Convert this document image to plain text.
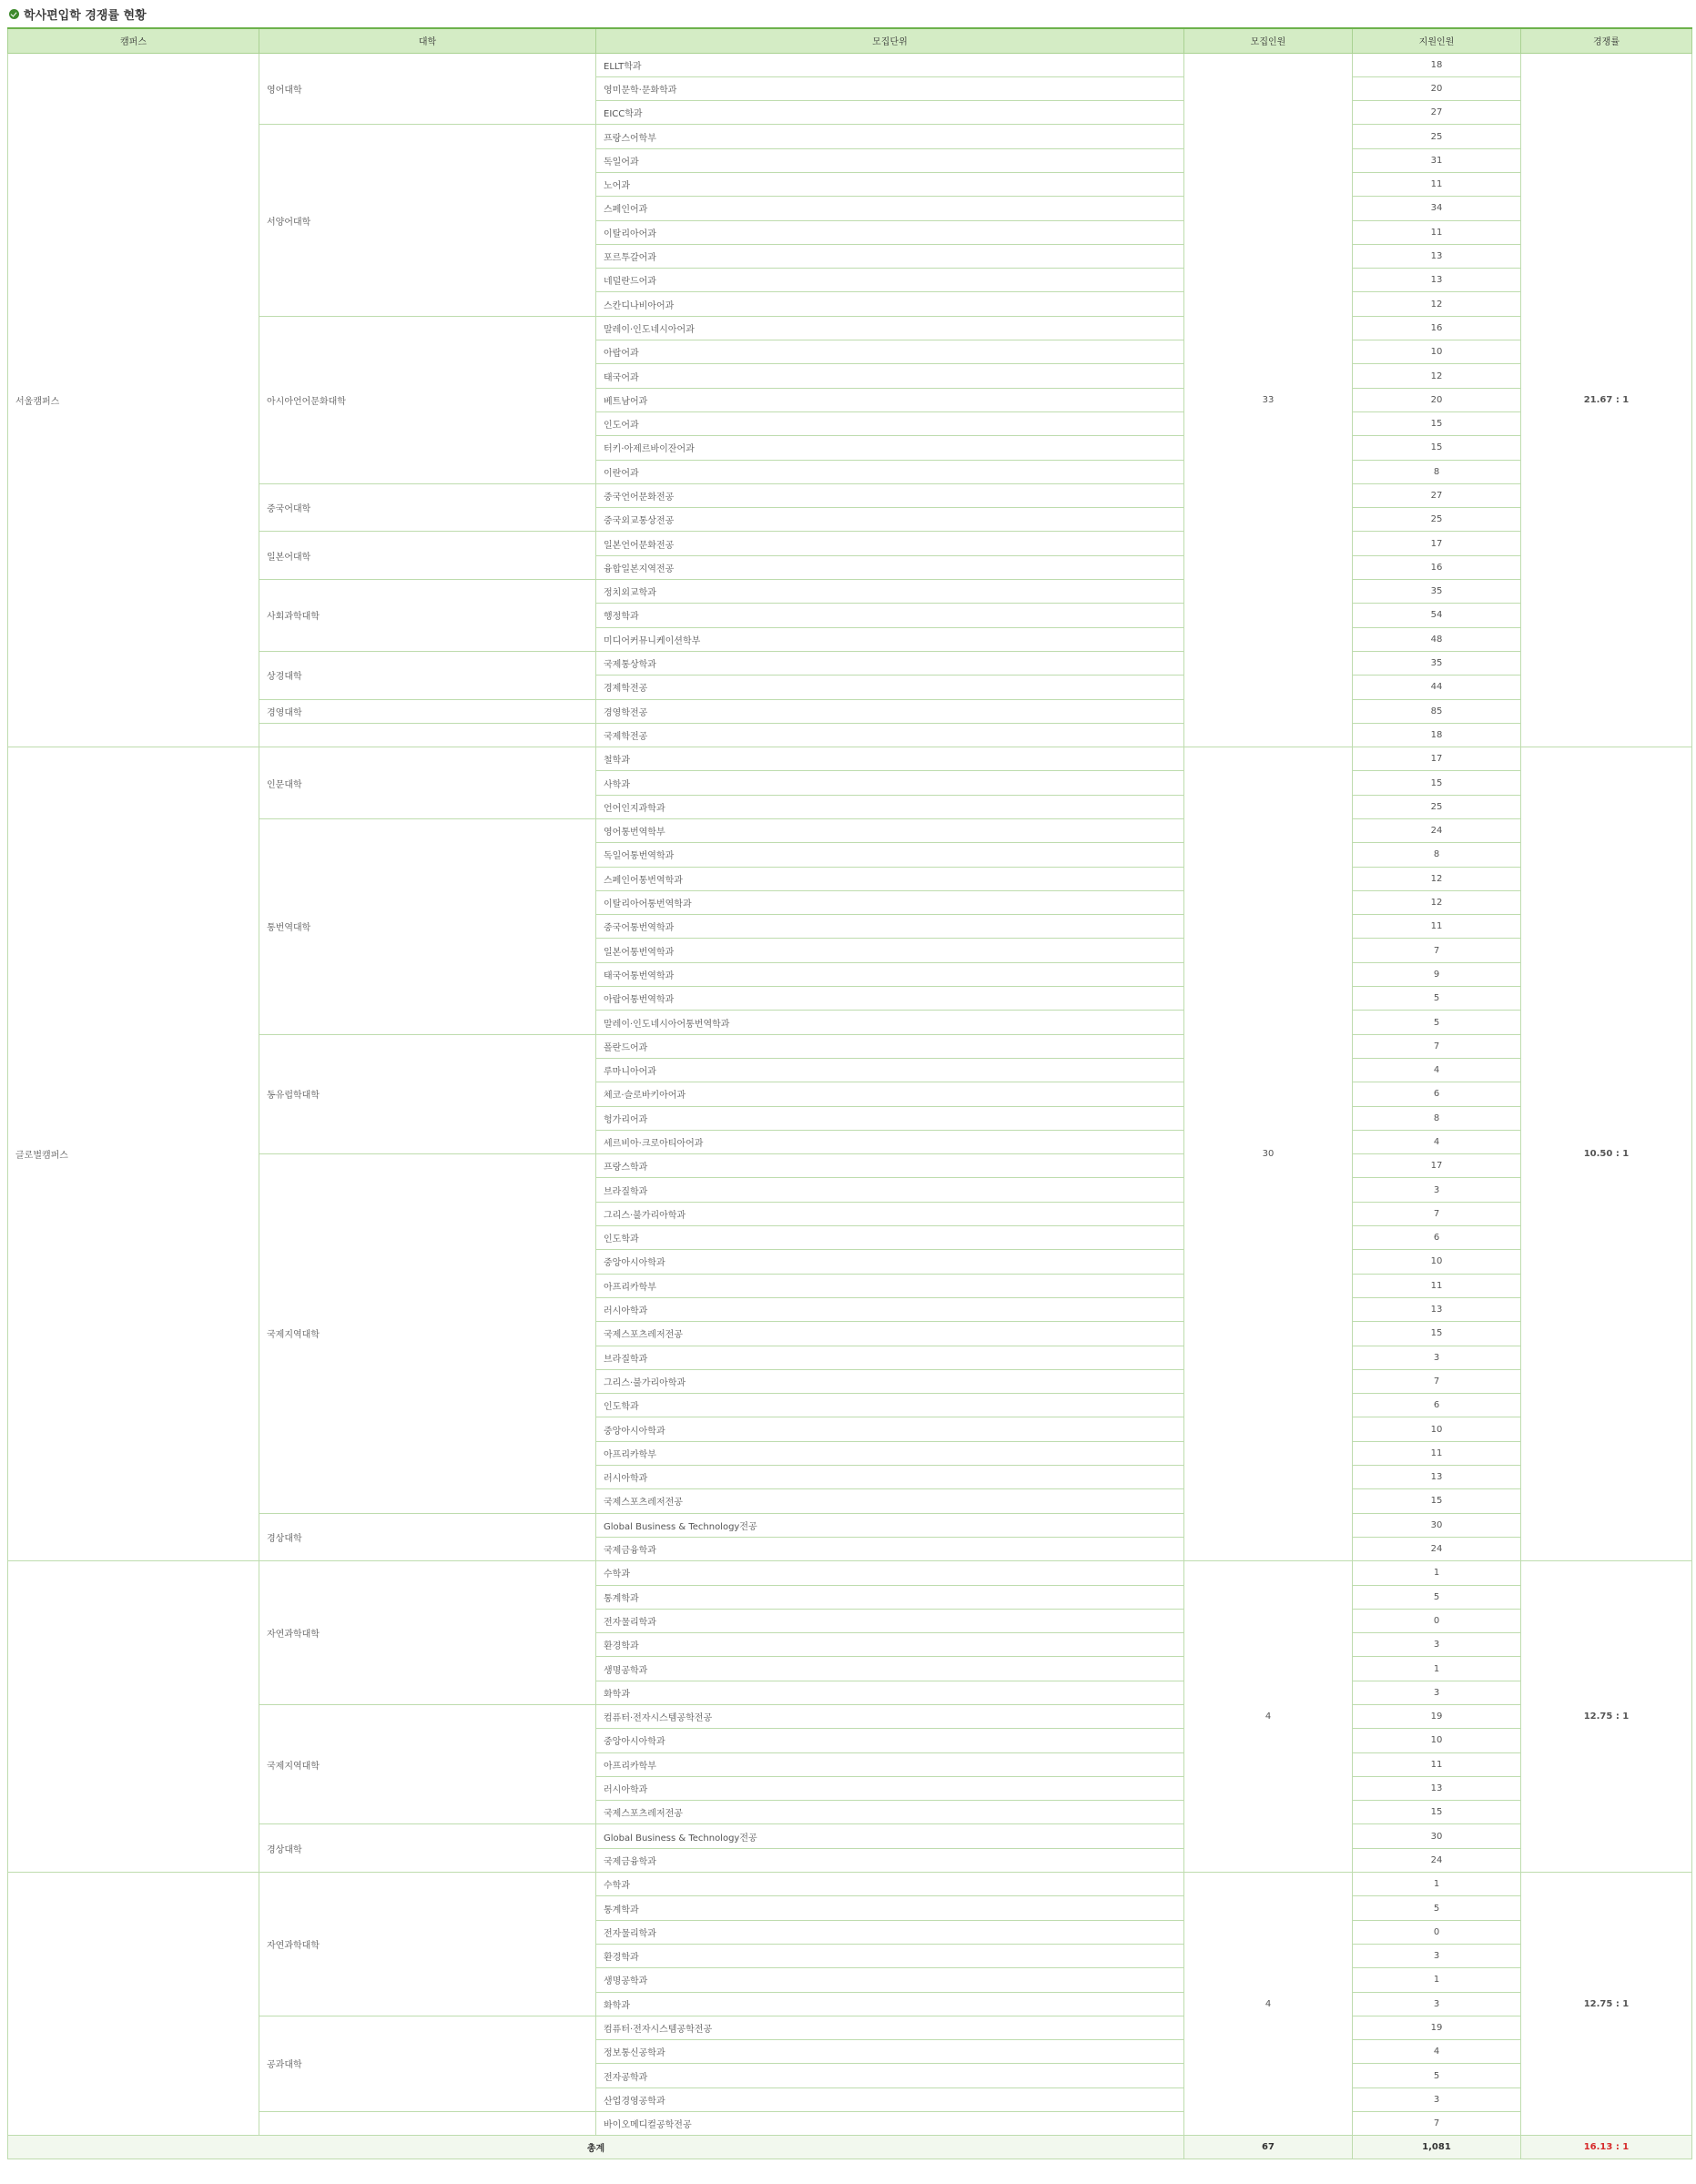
학사편입학 경쟁률 현황
캠퍼스	대학	모집단위	모집인원	지원인원	경쟁률
서울캠퍼스	영어대학	ELLT학과	33	18	21.67 : 1
		영미문학·문화학과		20	
		EICC학과		27	
	서양어대학	프랑스어학부		25	
		독일어과		31	
		노어과		11	
		스페인어과		34	
		이탈리아어과		11	
		포르투갈어과		13	
		네덜란드어과		13	
		스칸디나비아어과		12	
	아시아언어문화대학	말레이·인도네시아어과		16	
		아랍어과		10	
		태국어과		12	
		베트남어과		20	
		인도어과		15	
		터키·아제르바이잔어과		15	
		이란어과		8	
	중국어대학	중국언어문화전공		27	
		중국외교통상전공		25	
	일본어대학	일본언어문화전공		17	
		융합일본지역전공		16	
	사회과학대학	정치외교학과		35	
		행정학과		54	
		미디어커뮤니케이션학부		48	
	상경대학	국제통상학과		35	
		경제학전공		44	
	경영대학	경영학전공		85	
		국제학전공		18	
글로벌캠퍼스	인문대학	철학과	30	17	10.50 : 1
		사학과		15	
		언어인지과학과		25	
	통번역대학	영어통번역학부		24	
		독일어통번역학과		8	
		스페인어통번역학과		12	
		이탈리아어통번역학과		12	
		중국어통번역학과		11	
		일본어통번역학과		7	
		태국어통번역학과		9	
		아랍어통번역학과		5	
		말레이·인도네시아어통번역학과		5	
	동유럽학대학	폴란드어과		7	
		루마니아어과		4	
		체코·슬로바키아어과		6	
		헝가리어과		8	
		세르비아·크로아티아어과		4	
	국제지역대학	프랑스학과		17	
		브라질학과		3	
		그리스·불가리아학과		7	
		인도학과		6	
		중앙아시아학과		10	
		아프리카학부		11	
		러시아학과		13	
		국제스포츠레저전공		15	
		브라질학과		3	
		그리스·불가리아학과		7	
		인도학과		6	
		중앙아시아학과		10	
		아프리카학부		11	
		러시아학과		13	
		국제스포츠레저전공		15	
	경상대학	Global Business & Technology전공		30	
		국제금융학과		24	
	자연과학대학	수학과	4	1	12.75 : 1
		통계학과		5	
		전자물리학과		0	
		환경학과		3	
		생명공학과		1	
		화학과		3	
	국제지역대학	컴퓨터·전자시스템공학전공		19	
		중앙아시아학과		10	
		아프리카학부		11	
		러시아학과		13	
		국제스포츠레저전공		15	
	경상대학	Global Business & Technology전공		30	
		국제금융학과		24	
	자연과학대학	수학과	4	1	12.75 : 1
		통계학과		5	
		전자물리학과		0	
		환경학과		3	
		생명공학과		1	
		화학과		3	
	공과대학	컴퓨터·전자시스템공학전공		19	
		정보통신공학과		4	
		전자공학과		5	
		산업경영공학과		3	
		바이오메디컬공학전공		7	
총계			67	1,081	16.13 : 1
